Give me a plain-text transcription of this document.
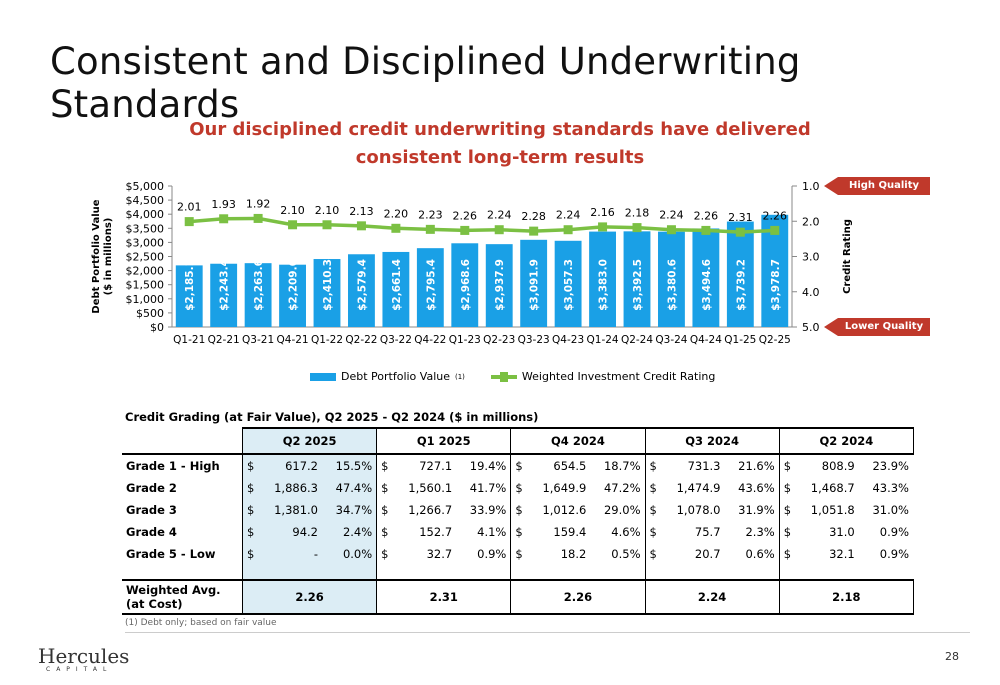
Consistent and Disciplined Underwriting Standards
Our disciplined credit underwriting standards have delivered
consistent long-term results
$0
$500
$1,000
$1,500
$2,000
$2,500
$3,000
$3,500
$4,000
$4,500
$5,000	1.0
2.0
3.0
4.0
5.0
Debt Portfolio Value ($ in millions)	Credit Rating
$2,185.1
Q1-21
$2,243.4
Q2-21
$2,263.6
Q3-21
$2,209.6
Q4-21
$2,410.3
Q1-22
$2,579.4
Q2-22
$2,661.4
Q3-22
$2,795.4
Q4-22
$2,968.6
Q1-23
$2,937.9
Q2-23
$3,091.9
Q3-23
$3,057.3
Q4-23
$3,383.0
Q1-24
$3,392.5
Q2-24
$3,380.6
Q3-24
$3,494.6
Q4-24
$3,739.2
Q1-25
$3,978.7
Q2-25
2.01 1.93 1.92 2.10 2.10 2.13 2.20 2.23 2.26 2.24 2.28 2.24 2.16 2.18 2.24 2.26 2.31 2.26
Debt Portfolio Value (1)	Weighted Investment Credit Rating
High Quality
Lower Quality
Credit Grading (at Fair Value), Q2 2025 - Q2 2024 ($ in millions)
	Q2 2025			Q1 2025			Q4 2024			Q3 2024			Q2 2024		
Grade 1 - High	$	617.2	15.5%	$	727.1	19.4%	$	654.5	18.7%	$	731.3	21.6%	$	808.9	23.9%
Grade 2	$	1,886.3	47.4%	$	1,560.1	41.7%	$	1,649.9	47.2%	$	1,474.9	43.6%	$	1,468.7	43.3%
Grade 3	$	1,381.0	34.7%	$	1,266.7	33.9%	$	1,012.6	29.0%	$	1,078.0	31.9%	$	1,051.8	31.0%
Grade 4	$	94.2	2.4%	$	152.7	4.1%	$	159.4	4.6%	$	75.7	2.3%	$	31.0	0.9%
Grade 5 - Low	$	-	0.0%	$	32.7	0.9%	$	18.2	0.5%	$	20.7	0.6%	$	32.1	0.9%

Weighted Avg.
(at Cost)	2.26			2.31			2.26			2.24			2.18		
(1) Debt only; based on fair value
Hercules
CAPITAL
28
